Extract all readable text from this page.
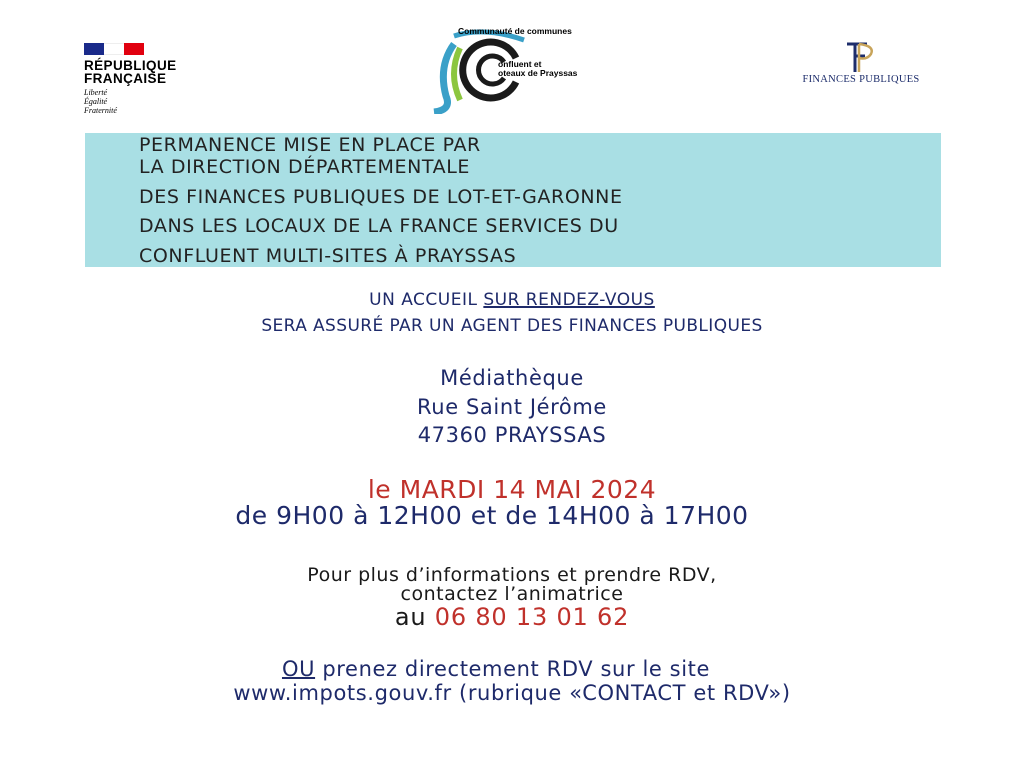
RÉPUBLIQUE
FRANÇAISE
Liberté
Égalité
Fraternité
Communauté de communes
onfluent et
oteaux de Prayssas
FINANCES PUBLIQUES
PERMANENCE MISE EN PLACE PAR
LA DIRECTION DÉPARTEMENTALE
DES FINANCES PUBLIQUES DE LOT-ET-GARONNE
DANS LES LOCAUX DE LA FRANCE SERVICES DU
CONFLUENT MULTI-SITES À PRAYSSAS
UN ACCUEIL SUR RENDEZ-VOUS
SERA ASSURÉ PAR UN AGENT DES FINANCES PUBLIQUES
Médiathèque
Rue Saint Jérôme
47360 PRAYSSAS
le MARDI 14 MAI 2024
de 9H00 à 12H00 et de 14H00 à 17H00
Pour plus d’informations et prendre RDV,
contactez l’animatrice
au 06 80 13 01 62
OU prenez directement RDV sur le site
www.impots.gouv.fr (rubrique «CONTACT et RDV»)
